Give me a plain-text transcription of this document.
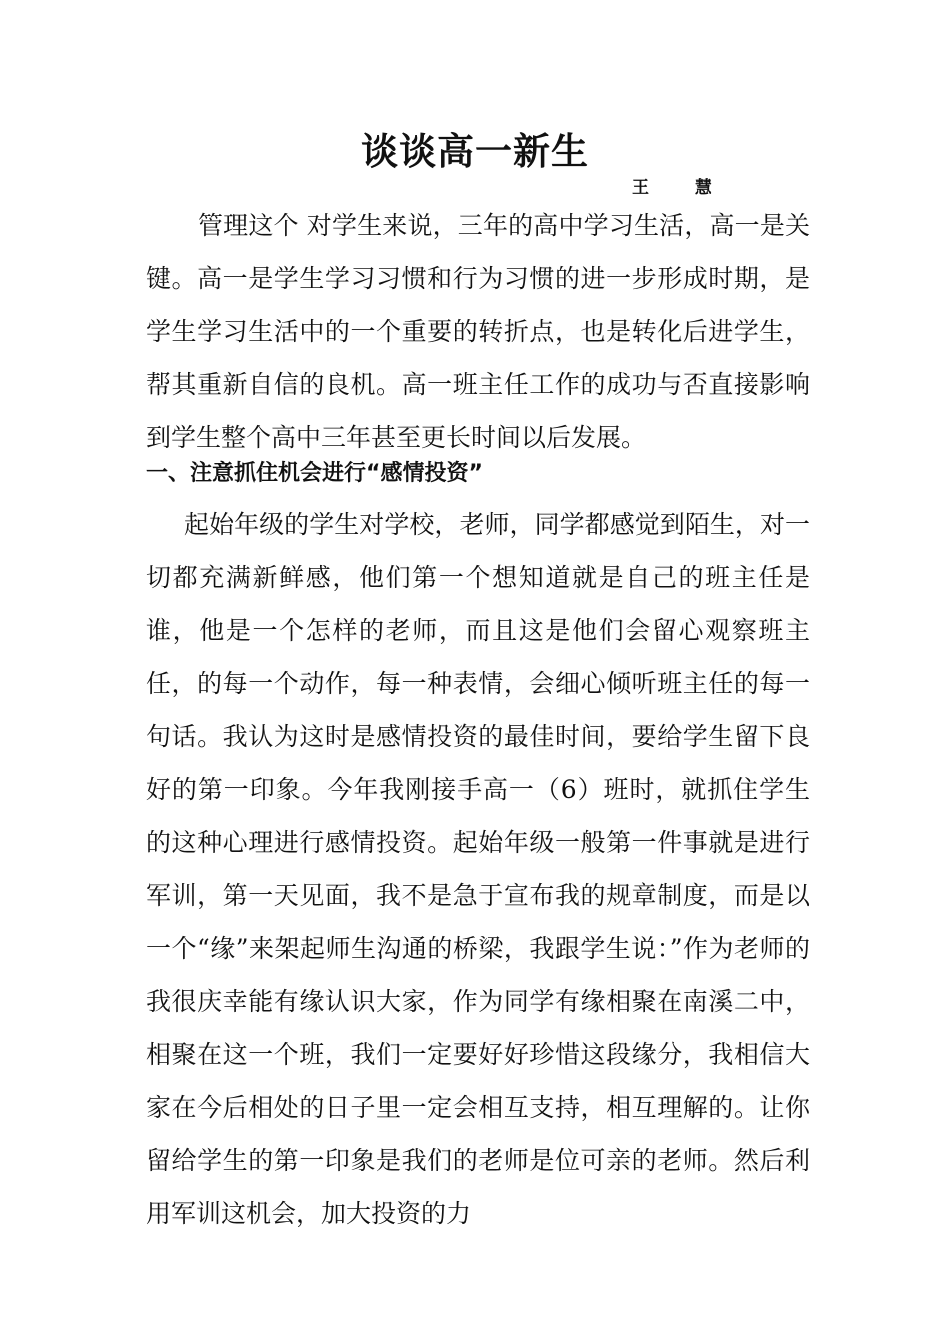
谈谈高一新生
王 慧

管理这个 对学生来说，三年的高中学习生活，高一是关键。高一是学生学习习惯和行为习惯的进一步形成时期，是学生学习生活中的一个重要的转折点，也是转化后进学生，帮其重新自信的良机。高一班主任工作的成功与否直接影响到学生整个高中三年甚至更长时间以后发展。

一、注意抓住机会进行“感情投资”

起始年级的学生对学校，老师，同学都感觉到陌生，对一切都充满新鲜感，他们第一个想知道就是自己的班主任是谁，他是一个怎样的老师，而且这是他们会留心观察班主任，的每一个动作，每一种表情，会细心倾听班主任的每一句话。我认为这时是感情投资的最佳时间，要给学生留下良好的第一印象。今年我刚接手高一（6）班时，就抓住学生的这种心理进行感情投资。起始年级一般第一件事就是进行军训，第一天见面，我不是急于宣布我的规章制度，而是以一个“缘”来架起师生沟通的桥梁，我跟学生说：”作为老师的我很庆幸能有缘认识大家，作为同学有缘相聚在南溪二中，相聚在这一个班，我们一定要好好珍惜这段缘分，我相信大家在今后相处的日子里一定会相互支持，相互理解的。让你留给学生的第一印象是我们的老师是位可亲的老师。然后利用军训这机会，加大投资的力
